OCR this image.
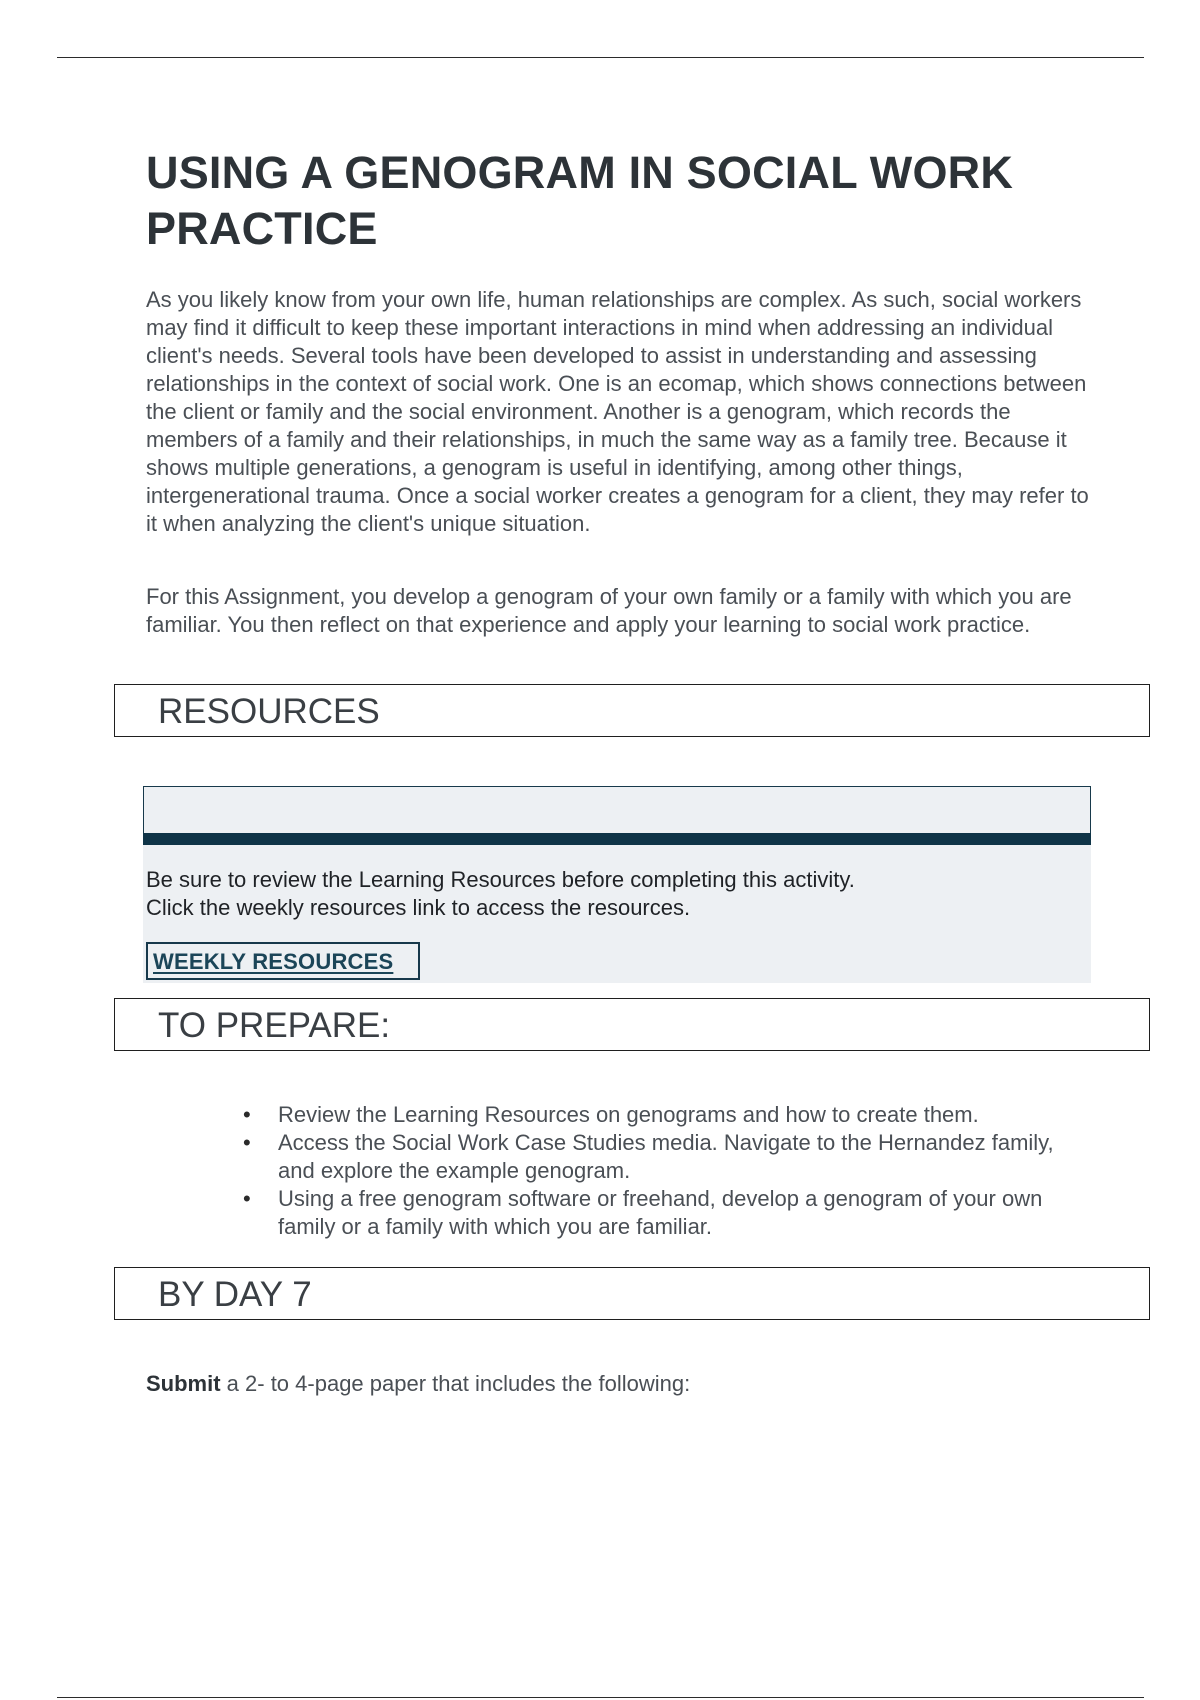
USING A GENOGRAM IN SOCIAL WORK PRACTICE

As you likely know from your own life, human relationships are complex. As such, social workers may find it difficult to keep these important interactions in mind when addressing an individual client's needs. Several tools have been developed to assist in understanding and assessing relationships in the context of social work. One is an ecomap, which shows connections between the client or family and the social environment. Another is a genogram, which records the members of a family and their relationships, in much the same way as a family tree. Because it shows multiple generations, a genogram is useful in identifying, among other things, intergenerational trauma. Once a social worker creates a genogram for a client, they may refer to it when analyzing the client's unique situation.

For this Assignment, you develop a genogram of your own family or a family with which you are familiar. You then reflect on that experience and apply your learning to social work practice.

RESOURCES

Be sure to review the Learning Resources before completing this activity.
Click the weekly resources link to access the resources.

WEEKLY RESOURCES
TO PREPARE:
• Review the Learning Resources on genograms and how to create them.
• Access the Social Work Case Studies media. Navigate to the Hernandez family, and explore the example genogram.
• Using a free genogram software or freehand, develop a genogram of your own family or a family with which you are familiar.
BY DAY 7

Submit a 2- to 4-page paper that includes the following:
